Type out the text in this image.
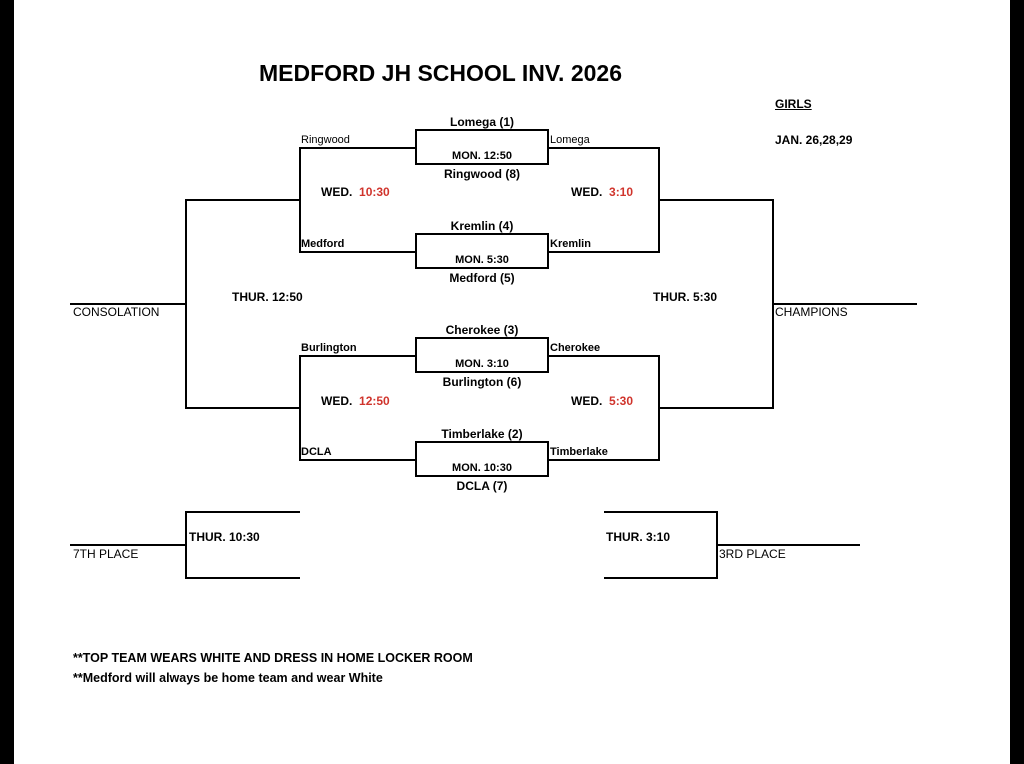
MEDFORD JH SCHOOL INV. 2026
GIRLS
JAN. 26,28,29
Lomega (1)
MON. 12:50
Ringwood (8)
Kremlin (4)
MON. 5:30
Medford (5)
Cherokee (3)
MON. 3:10
Burlington (6)
Timberlake (2)
MON. 10:30
DCLA (7)
Ringwood
Medford
Burlington
DCLA
WED. 10:30
WED. 12:50
THUR. 12:50
CONSOLATION
Lomega
Kremlin
Cherokee
Timberlake
WED. 3:10
WED. 5:30
THUR. 5:30
CHAMPIONS
THUR. 10:30
7TH PLACE
THUR. 3:10
3RD PLACE
**TOP TEAM WEARS WHITE AND DRESS IN HOME LOCKER ROOM
**Medford will always be home team and wear White
